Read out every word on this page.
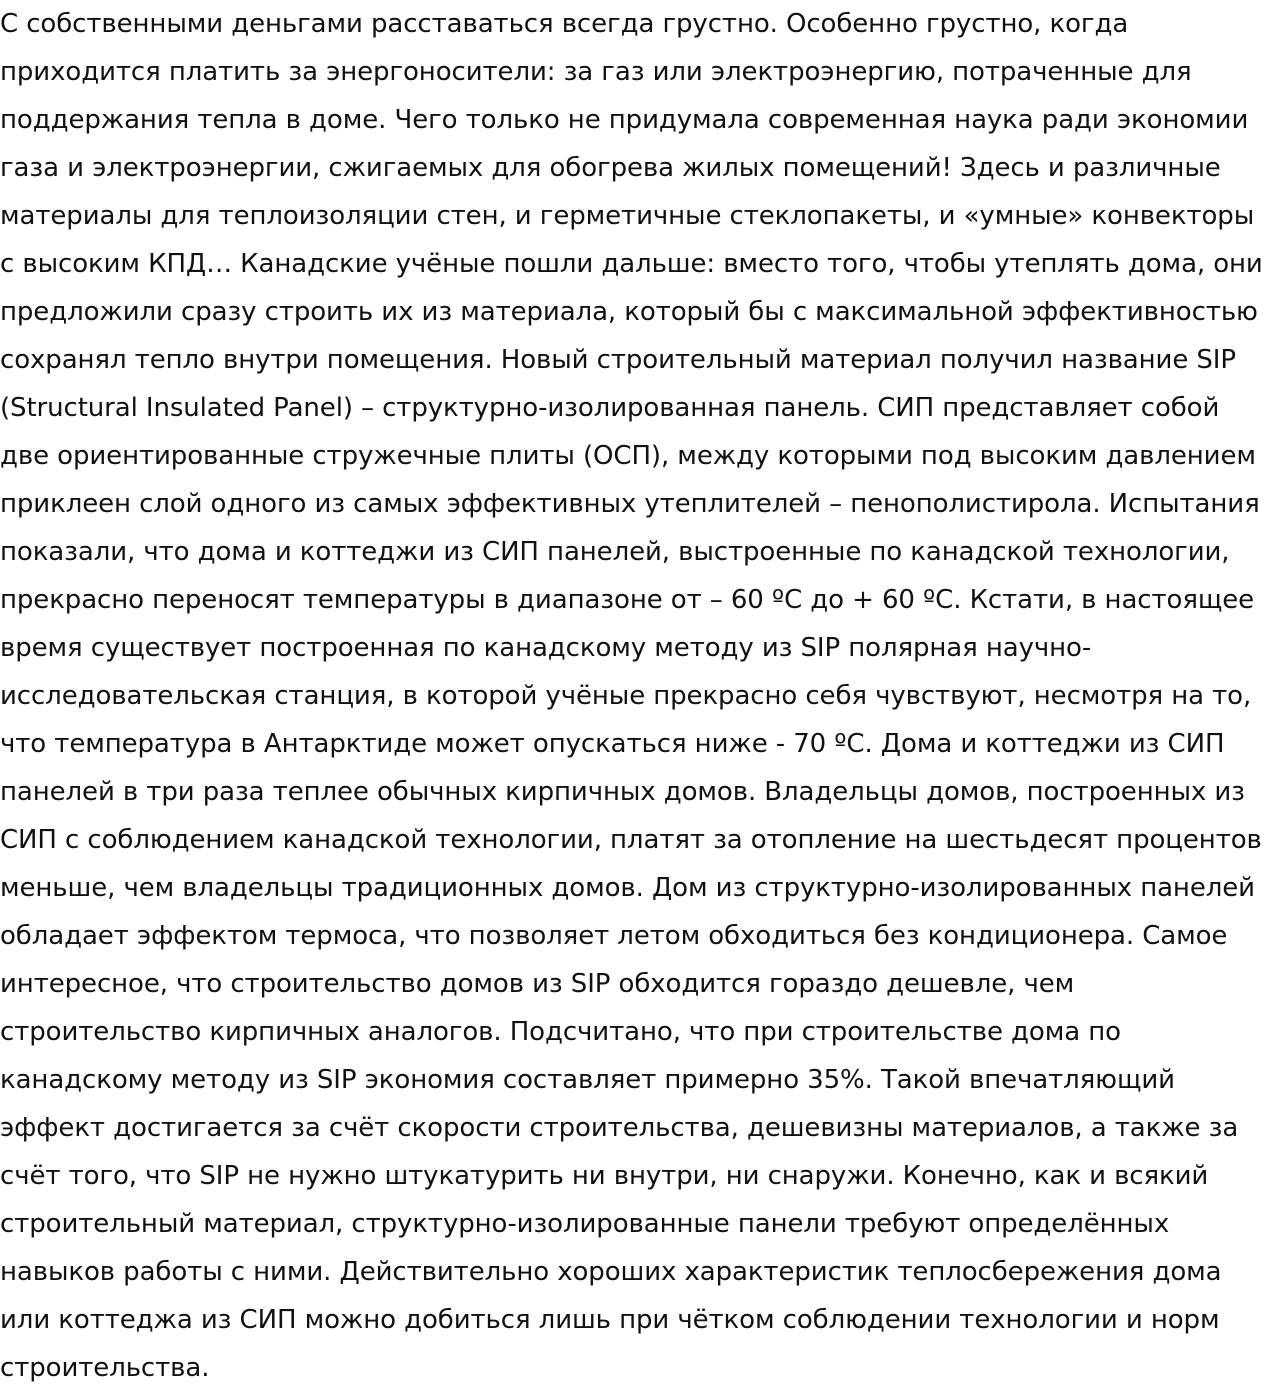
С собственными деньгами расставаться всегда грустно. Особенно грустно, когда
приходится платить за энергоносители: за газ или электроэнергию, потраченные для
поддержания тепла в доме. Чего только не придумала современная наука ради экономии
газа и электроэнергии, сжигаемых для обогрева жилых помещений! Здесь и различные
материалы для теплоизоляции стен, и герметичные стеклопакеты, и «умные» конвекторы
с высоким КПД… Канадские учёные пошли дальше: вместо того, чтобы утеплять дома, они
предложили сразу строить их из материала, который бы с максимальной эффективностью
сохранял тепло внутри помещения. Новый строительный материал получил название SIP
(Structural Insulated Panel) – структурно-изолированная панель. СИП представляет собой
две ориентированные стружечные плиты (ОСП), между которыми под высоким давлением
приклеен слой одного из самых эффективных утеплителей – пенополистирола. Испытания
показали, что дома и коттеджи из СИП панелей, выстроенные по канадской технологии,
прекрасно переносят температуры в диапазоне от – 60 ºС до + 60 ºС. Кстати, в настоящее
время существует построенная по канадскому методу из SIP полярная научно-
исследовательская станция, в которой учёные прекрасно себя чувствуют, несмотря на то,
что температура в Антарктиде может опускаться ниже - 70 ºС. Дома и коттеджи из СИП
панелей в три раза теплее обычных кирпичных домов. Владельцы домов, построенных из
СИП с соблюдением канадской технологии, платят за отопление на шестьдесят процентов
меньше, чем владельцы традиционных домов. Дом из структурно-изолированных панелей
обладает эффектом термоса, что позволяет летом обходиться без кондиционера. Самое
интересное, что строительство домов из SIP обходится гораздо дешевле, чем
строительство кирпичных аналогов. Подсчитано, что при строительстве дома по
канадскому методу из SIP экономия составляет примерно 35%. Такой впечатляющий
эффект достигается за счёт скорости строительства, дешевизны материалов, а также за
счёт того, что SIP не нужно штукатурить ни внутри, ни снаружи. Конечно, как и всякий
строительный материал, структурно-изолированные панели требуют определённых
навыков работы с ними. Действительно хороших характеристик теплосбережения дома
или коттеджа из СИП можно добиться лишь при чётком соблюдении технологии и норм
строительства.
